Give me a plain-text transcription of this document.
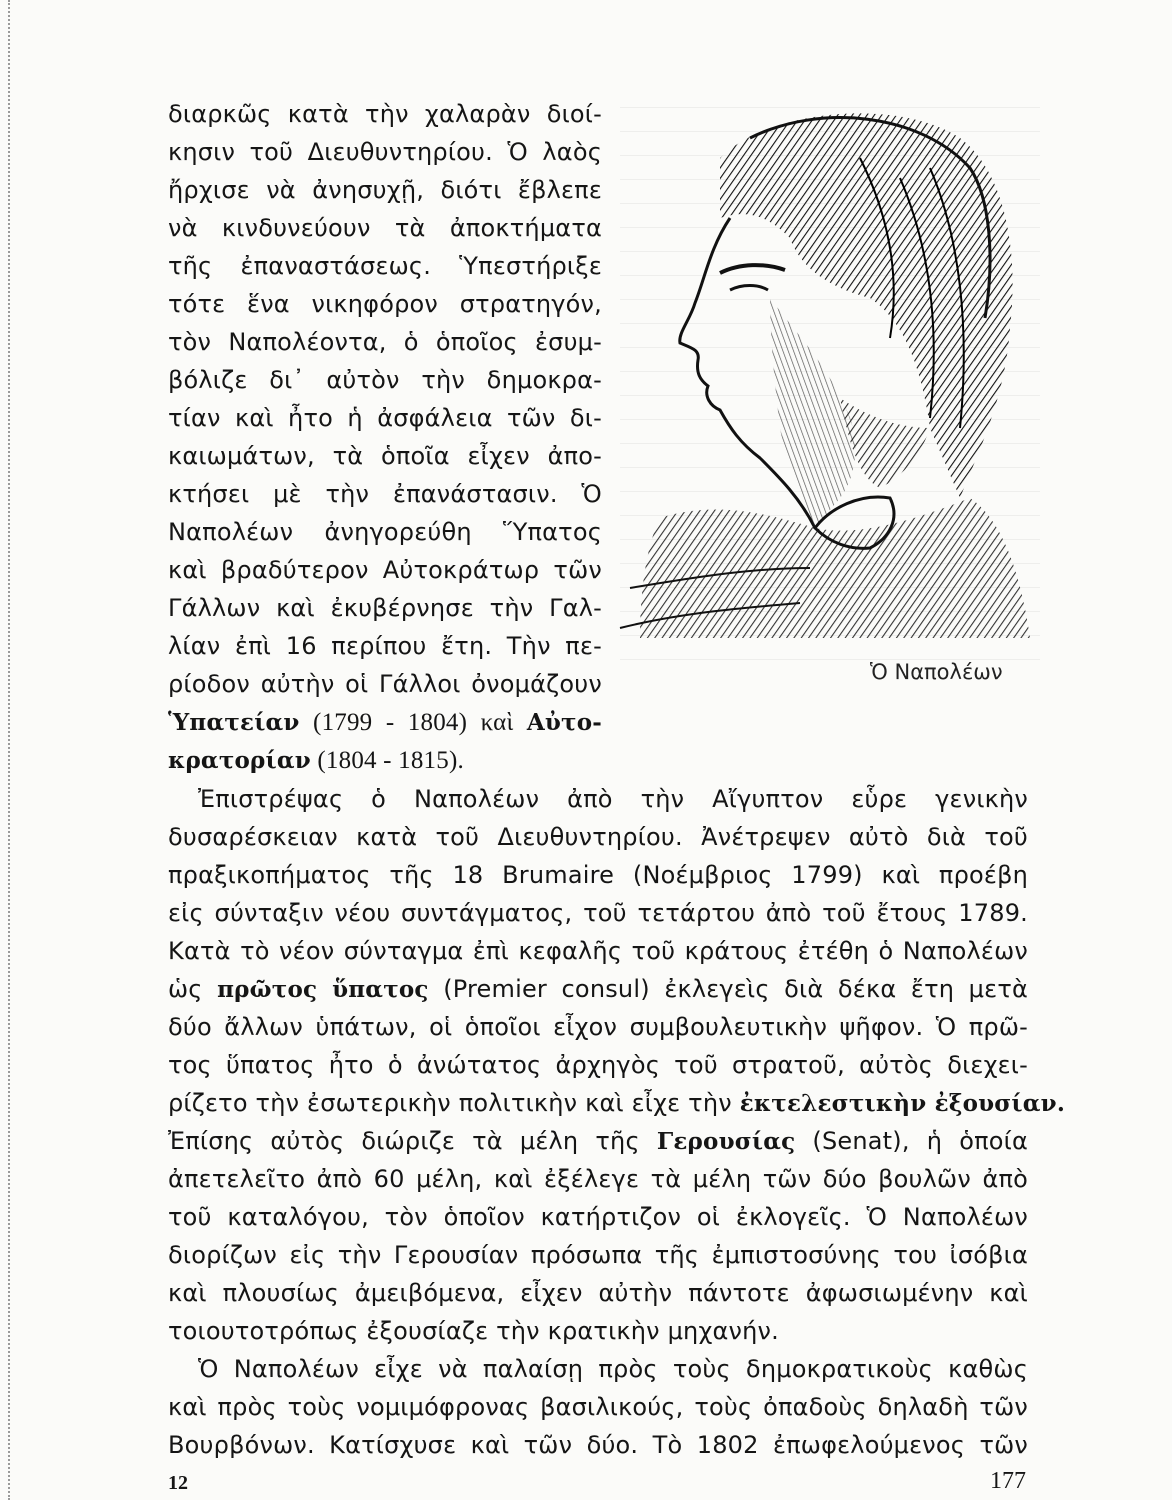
διαρκῶς κατὰ τὴν χαλαρὰν διοί-
κησιν τοῦ Διευθυντηρίου. Ὁ λαὸς
ἤρχισε νὰ ἀνησυχῇ, διότι ἔβλεπε
νὰ κινδυνεύουν τὰ ἀποκτήματα
τῆς ἐπαναστάσεως. Ὑπεστήριξε
τότε ἕνα νικηφόρον στρατηγόν,
τὸν Ναπολέοντα, ὁ ὁποῖος ἐσυμ-
βόλιζε δι᾽ αὐτὸν τὴν δημοκρα-
τίαν καὶ ἦτο ἡ ἀσφάλεια τῶν δι-
καιωμάτων, τὰ ὁποῖα εἶχεν ἀπο-
κτήσει μὲ τὴν ἐπανάστασιν. Ὁ
Ναπολέων ἀνηγορεύθη Ὕπατος
καὶ βραδύτερον Αὐτοκράτωρ τῶν
Γάλλων καὶ ἐκυβέρνησε τὴν Γαλ-
λίαν ἐπὶ 16 περίπου ἔτη. Τὴν πε-
ρίοδον αὐτὴν οἱ Γάλλοι ὀνομάζουν
Ὑπατείαν (1799 - 1804) καὶ Αὐτο-
κρατορίαν (1804 - 1815).
Ὁ Ναπολέων
Ἐπιστρέψας ὁ Ναπολέων ἀπὸ τὴν Αἴγυπτον εὗρε γενικὴν
δυσαρέσκειαν κατὰ τοῦ Διευθυντηρίου. Ἀνέτρεψεν αὐτὸ διὰ τοῦ
πραξικοπήματος τῆς 18 Brumaire (Νοέμβριος 1799) καὶ προέβη
εἰς σύνταξιν νέου συντάγματος, τοῦ τετάρτου ἀπὸ τοῦ ἔτους 1789.
Κατὰ τὸ νέον σύνταγμα ἐπὶ κεφαλῆς τοῦ κράτους ἐτέθη ὁ Ναπολέων
ὡς πρῶτος ὕπατος (Premier consul) ἐκλεγεὶς διὰ δέκα ἔτη μετὰ
δύο ἄλλων ὑπάτων, οἱ ὁποῖοι εἶχον συμβουλευτικὴν ψῆφον. Ὁ πρῶ-
τος ὕπατος ἦτο ὁ ἀνώτατος ἀρχηγὸς τοῦ στρατοῦ, αὐτὸς διεχει-
ρίζετο τὴν ἐσωτερικὴν πολιτικὴν καὶ εἶχε τὴν ἐκτελεστικὴν ἐξουσίαν.
Ἐπίσης αὐτὸς διώριζε τὰ μέλη τῆς Γερουσίας (Senat), ἡ ὁποία
ἀπετελεῖτο ἀπὸ 60 μέλη, καὶ ἐξέλεγε τὰ μέλη τῶν δύο βουλῶν ἀπὸ
τοῦ καταλόγου, τὸν ὁποῖον κατήρτιζον οἱ ἐκλογεῖς. Ὁ Ναπολέων
διορίζων εἰς τὴν Γερουσίαν πρόσωπα τῆς ἐμπιστοσύνης του ἰσόβια
καὶ πλουσίως ἀμειβόμενα, εἶχεν αὐτὴν πάντοτε ἀφωσιωμένην καὶ
τοιουτοτρόπως ἐξουσίαζε τὴν κρατικὴν μηχανήν.
Ὁ Ναπολέων εἶχε νὰ παλαίσῃ πρὸς τοὺς δημοκρατικοὺς καθὼς
καὶ πρὸς τοὺς νομιμόφρονας βασιλικούς, τοὺς ὀπαδοὺς δηλαδὴ τῶν
Βουρβόνων. Κατίσχυσε καὶ τῶν δύο. Τὸ 1802 ἐπωφελούμενος τῶν
177
12
